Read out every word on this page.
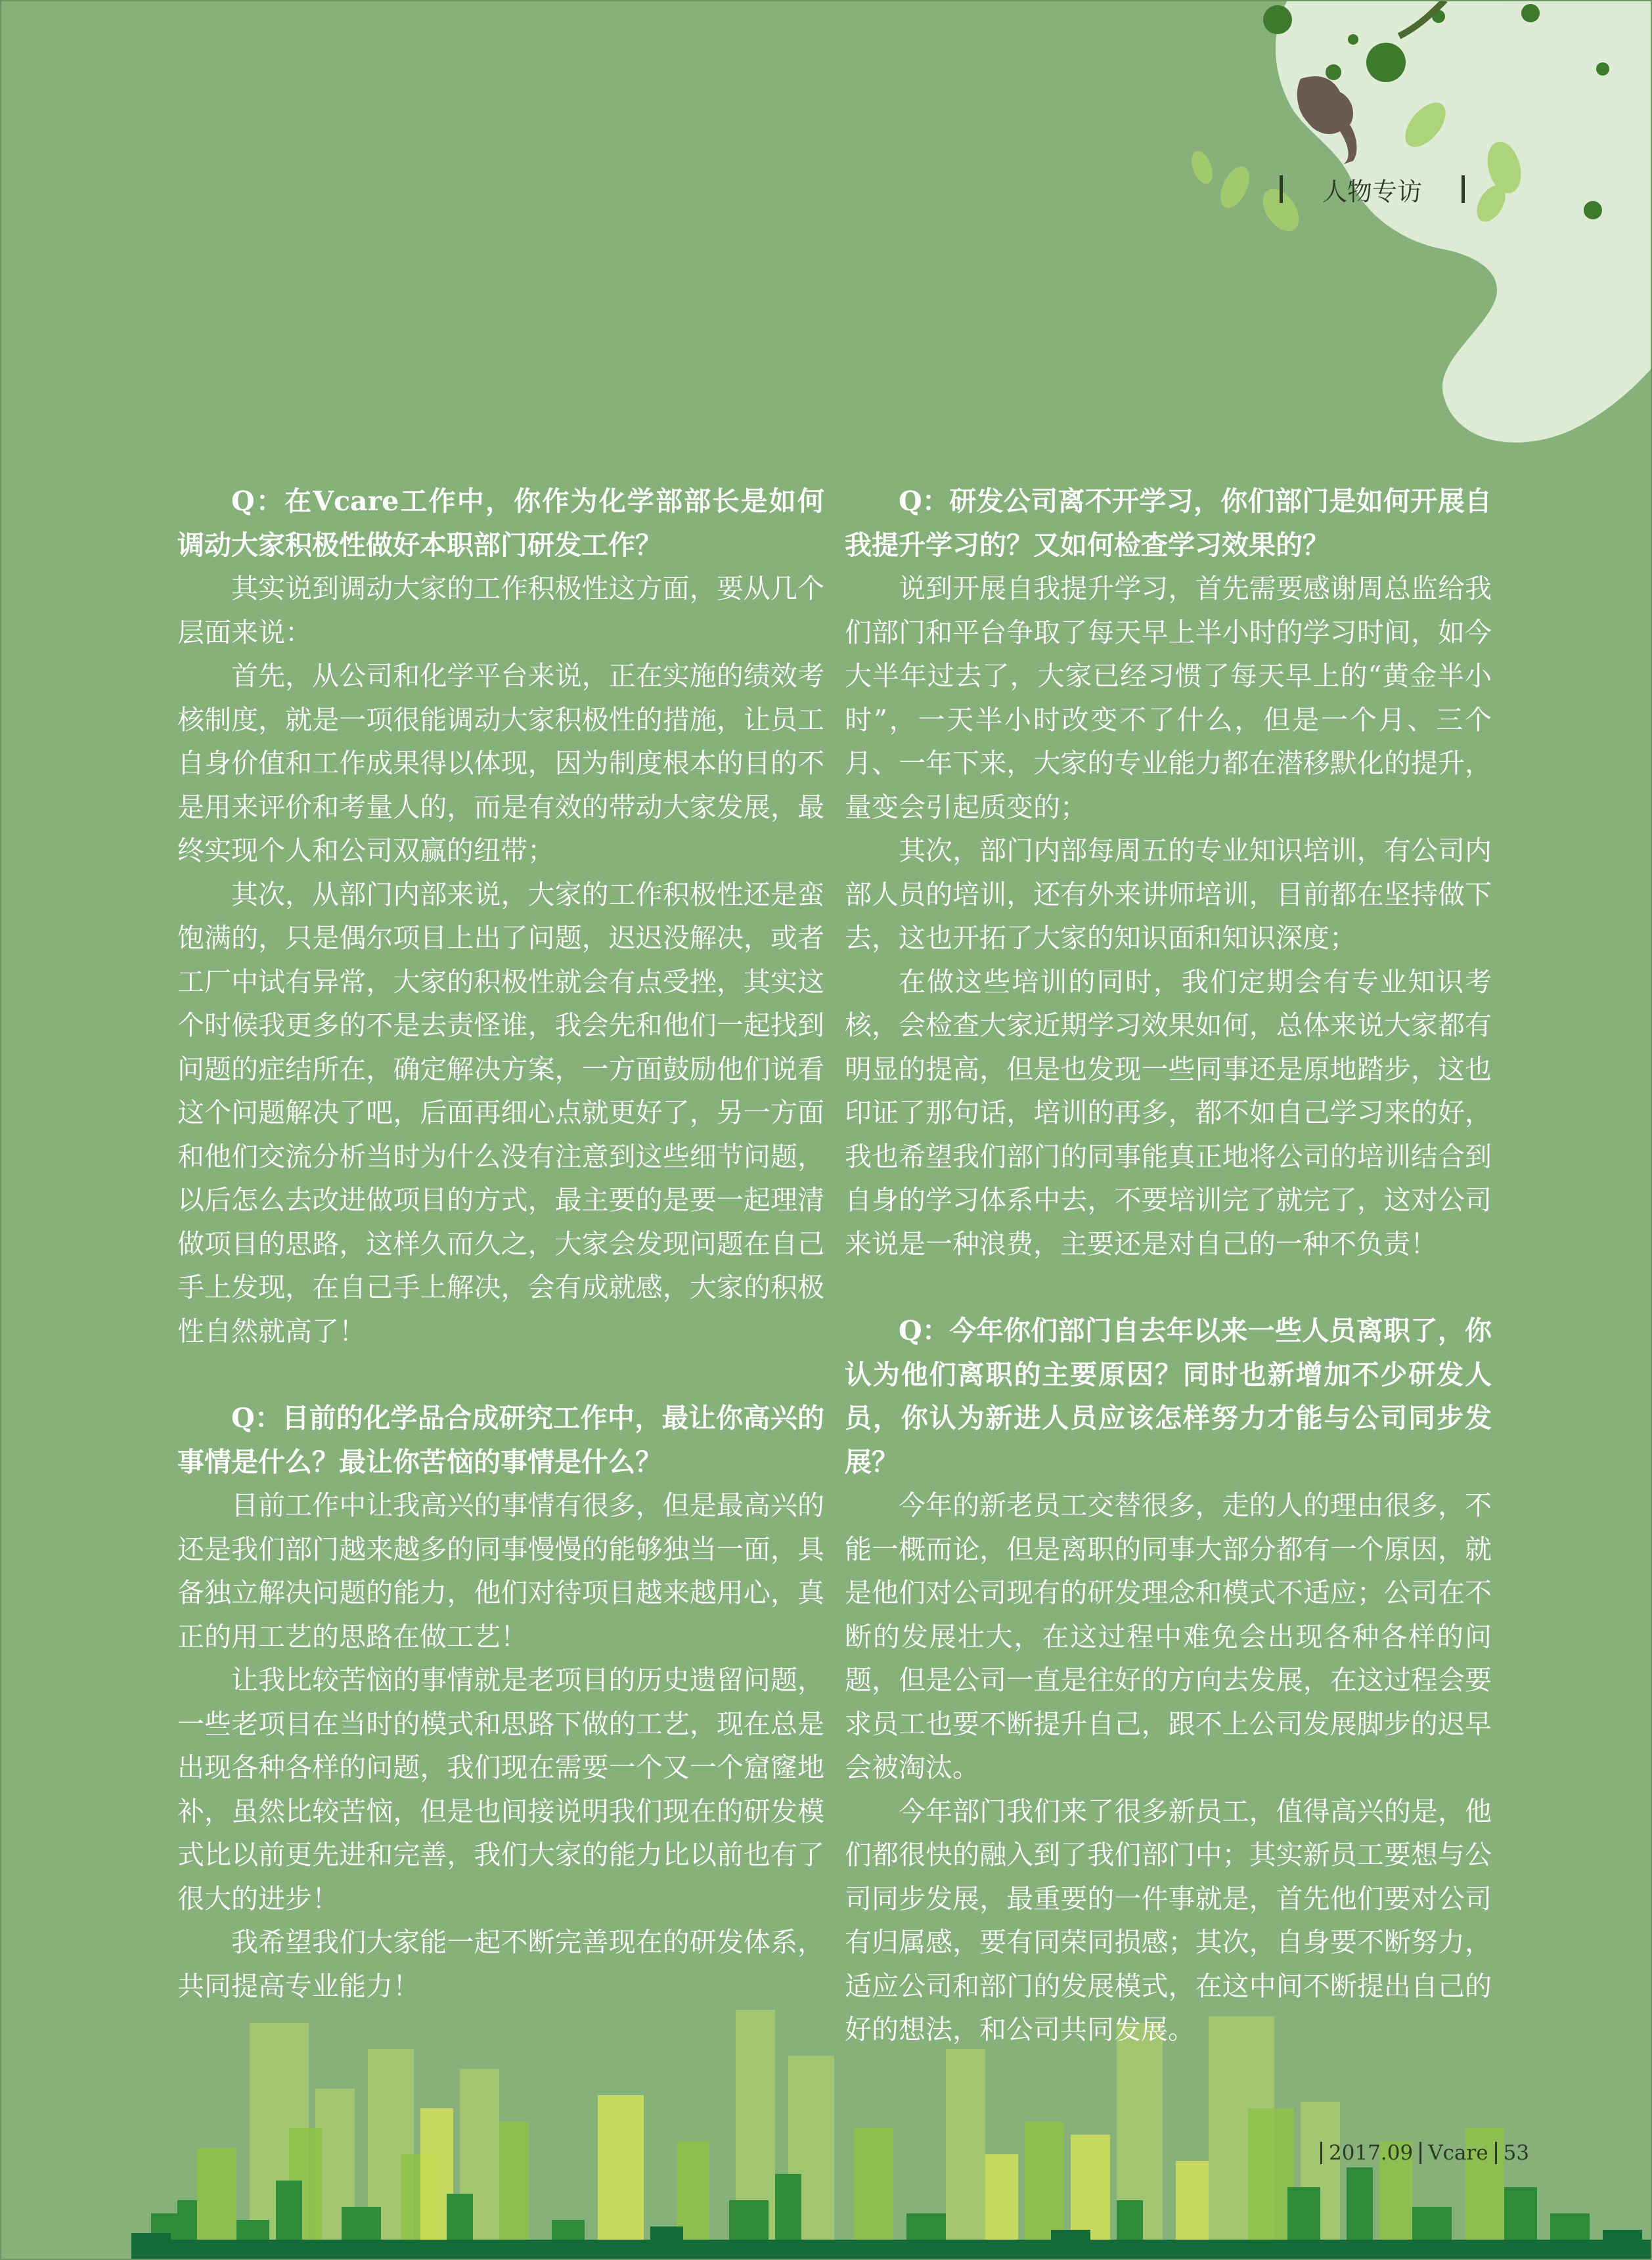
人物专访

Q：在Vcare工作中，你作为化学部部长是如何调动大家积极性做好本职部门研发工作？

其实说到调动大家的工作积极性这方面，要从几个层面来说：

首先，从公司和化学平台来说，正在实施的绩效考核制度，就是一项很能调动大家积极性的措施，让员工自身价值和工作成果得以体现，因为制度根本的目的不是用来评价和考量人的，而是有效的带动大家发展，最终实现个人和公司双赢的纽带；

其次，从部门内部来说，大家的工作积极性还是蛮饱满的，只是偶尔项目上出了问题，迟迟没解决，或者工厂中试有异常，大家的积极性就会有点受挫，其实这个时候我更多的不是去责怪谁，我会先和他们一起找到问题的症结所在，确定解决方案，一方面鼓励他们说看这个问题解决了吧，后面再细心点就更好了，另一方面和他们交流分析当时为什么没有注意到这些细节问题，以后怎么去改进做项目的方式，最主要的是要一起理清做项目的思路，这样久而久之，大家会发现问题在自己手上发现，在自己手上解决，会有成就感，大家的积极性自然就高了！

Q：目前的化学品合成研究工作中，最让你高兴的事情是什么？最让你苦恼的事情是什么？

目前工作中让我高兴的事情有很多，但是最高兴的还是我们部门越来越多的同事慢慢的能够独当一面，具备独立解决问题的能力，他们对待项目越来越用心，真正的用工艺的思路在做工艺！

让我比较苦恼的事情就是老项目的历史遗留问题，一些老项目在当时的模式和思路下做的工艺，现在总是出现各种各样的问题，我们现在需要一个又一个窟窿地补，虽然比较苦恼，但是也间接说明我们现在的研发模式比以前更先进和完善，我们大家的能力比以前也有了很大的进步！

我希望我们大家能一起不断完善现在的研发体系，共同提高专业能力！

Q：研发公司离不开学习，你们部门是如何开展自我提升学习的？又如何检查学习效果的？

说到开展自我提升学习，首先需要感谢周总监给我们部门和平台争取了每天早上半小时的学习时间，如今大半年过去了，大家已经习惯了每天早上的“黄金半小时”，一天半小时改变不了什么，但是一个月、三个月、一年下来，大家的专业能力都在潜移默化的提升，量变会引起质变的；

其次，部门内部每周五的专业知识培训，有公司内部人员的培训，还有外来讲师培训，目前都在坚持做下去，这也开拓了大家的知识面和知识深度；

在做这些培训的同时，我们定期会有专业知识考核，会检查大家近期学习效果如何，总体来说大家都有明显的提高，但是也发现一些同事还是原地踏步，这也印证了那句话，培训的再多，都不如自己学习来的好，我也希望我们部门的同事能真正地将公司的培训结合到自身的学习体系中去，不要培训完了就完了，这对公司来说是一种浪费，主要还是对自己的一种不负责！

Q：今年你们部门自去年以来一些人员离职了，你认为他们离职的主要原因？同时也新增加不少研发人员，你认为新进人员应该怎样努力才能与公司同步发展？

今年的新老员工交替很多，走的人的理由很多，不能一概而论，但是离职的同事大部分都有一个原因，就是他们对公司现有的研发理念和模式不适应；公司在不断的发展壮大，在这过程中难免会出现各种各样的问题，但是公司一直是往好的方向去发展，在这过程会要求员工也要不断提升自己，跟不上公司发展脚步的迟早会被淘汰。

今年部门我们来了很多新员工，值得高兴的是，他们都很快的融入到了我们部门中；其实新员工要想与公司同步发展，最重要的一件事就是，首先他们要对公司有归属感，要有同荣同损感；其次，自身要不断努力，适应公司和部门的发展模式，在这中间不断提出自己的好的想法，和公司共同发展。

2017.09 Vcare 53
